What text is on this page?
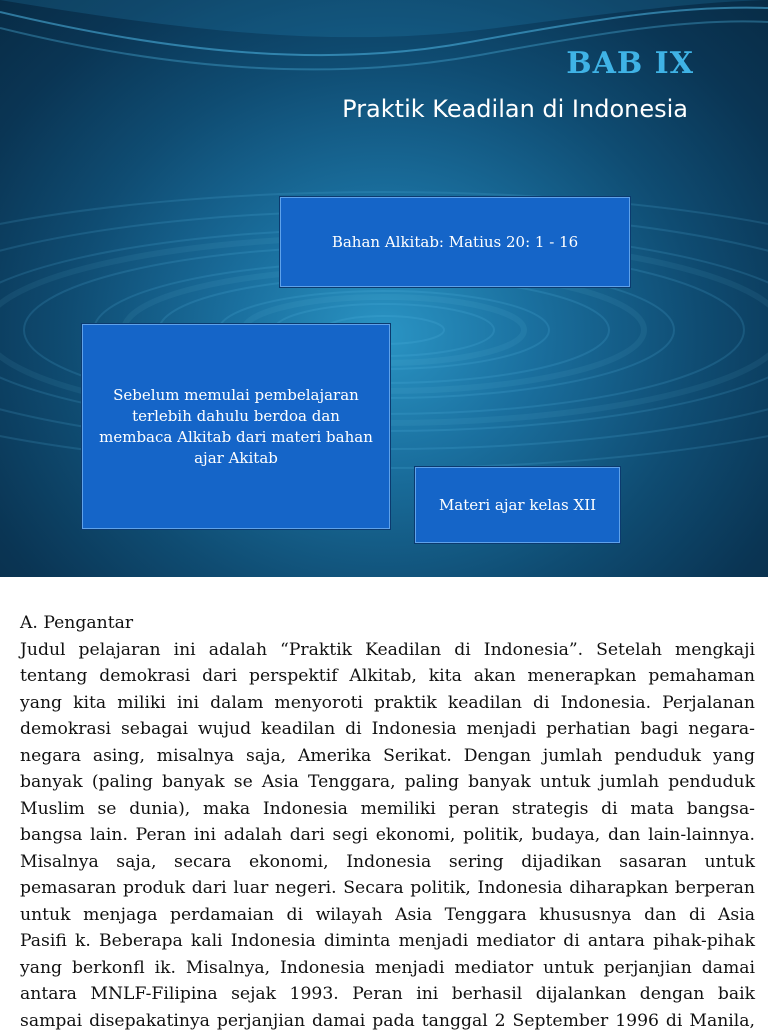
BAB IX
Praktik Keadilan di Indonesia
Bahan Alkitab: Matius 20: 1 - 16
Sebelum memulai pembelajaran terlebih dahulu berdoa dan membaca Alkitab dari materi bahan ajar Akitab
Materi ajar kelas XII

A. Pengantar

Judul pelajaran ini adalah “Praktik Keadilan di Indonesia”. Setelah mengkaji
tentang demokrasi dari perspektif Alkitab, kita akan menerapkan pemahaman
yang kita miliki ini dalam menyoroti praktik keadilan di Indonesia. Perjalanan
demokrasi sebagai wujud keadilan di Indonesia menjadi perhatian bagi negara-
negara asing, misalnya saja, Amerika Serikat. Dengan jumlah penduduk yang
banyak (paling banyak se Asia Tenggara, paling banyak untuk jumlah penduduk
Muslim se dunia), maka Indonesia memiliki peran strategis di mata bangsa-
bangsa lain. Peran ini adalah dari segi ekonomi, politik, budaya, dan lain-lainnya.
Misalnya saja, secara ekonomi, Indonesia sering dijadikan sasaran untuk
pemasaran produk dari luar negeri. Secara politik, Indonesia diharapkan berperan
untuk menjaga perdamaian di wilayah Asia Tenggara khususnya dan di Asia
Pasifi k. Beberapa kali Indonesia diminta menjadi mediator di antara pihak-pihak
yang berkonfl ik. Misalnya, Indonesia menjadi mediator untuk perjanjian damai
antara MNLF-Filipina sejak 1993. Peran ini berhasil dijalankan dengan baik
sampai disepakatinya perjanjian damai pada tanggal 2 September 1996 di Manila,
